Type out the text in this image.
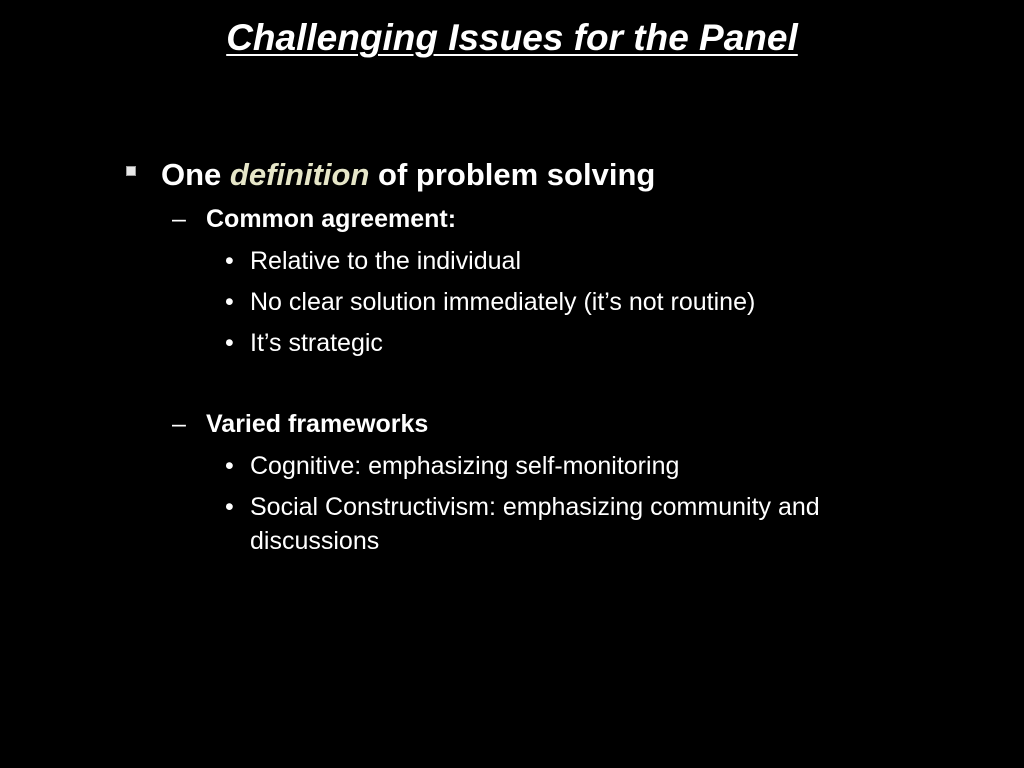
Challenging Issues for the Panel
One definition of problem solving
– Common agreement:
• Relative to the individual
• No clear solution immediately (it’s not routine)
• It’s strategic
– Varied frameworks
• Cognitive: emphasizing self-monitoring
• Social Constructivism: emphasizing community and discussions
